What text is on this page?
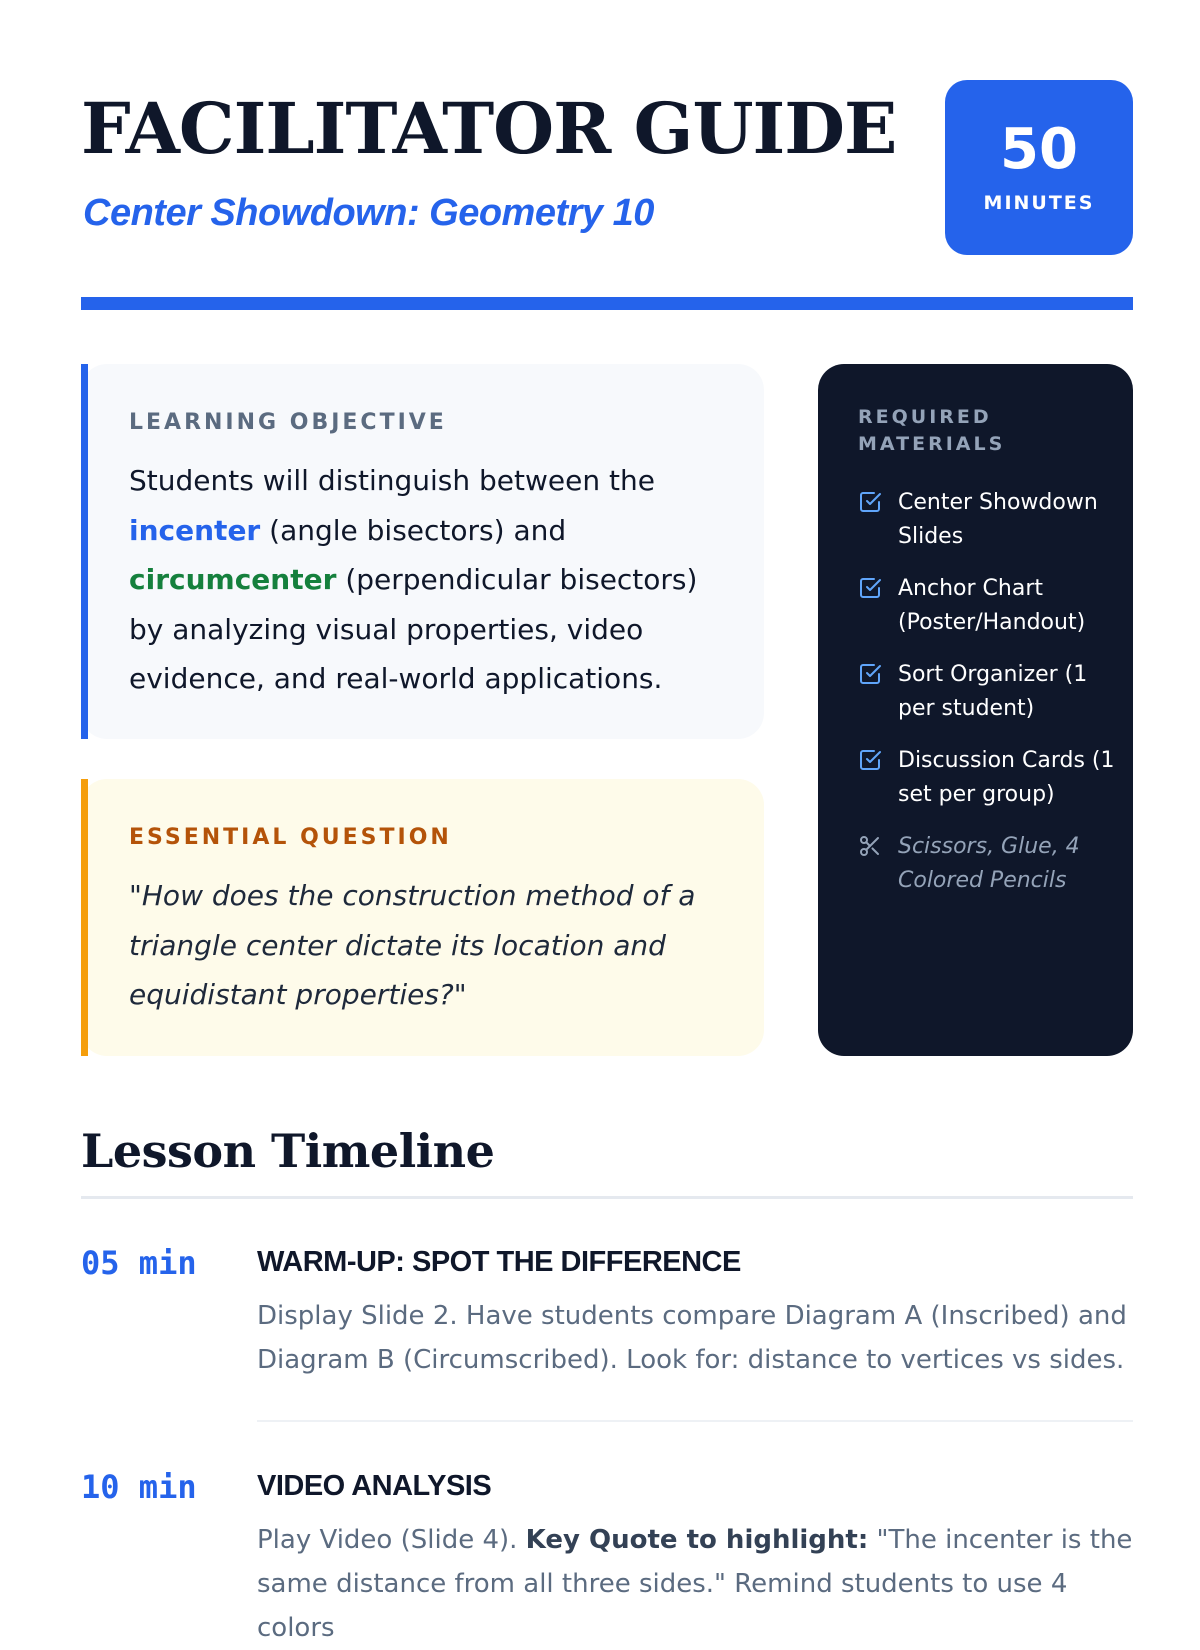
FACILITATOR GUIDE
Center Showdown: Geometry 10
50
MINUTES
LEARNING OBJECTIVE
Students will distinguish between the incenter (angle bisectors) and circumcenter (perpendicular bisectors) by analyzing visual properties, video evidence, and real-world applications.
ESSENTIAL QUESTION
"How does the construction method of a triangle center dictate its location and equidistant properties?"
REQUIRED MATERIALS
Center Showdown Slides
Anchor Chart (Poster/Handout)
Sort Organizer (1 per student)
Discussion Cards (1 set per group)
Scissors, Glue, 4 Colored Pencils
Lesson Timeline
05 min WARM-UP: SPOT THE DIFFERENCE
Display Slide 2. Have students compare Diagram A (Inscribed) and Diagram B (Circumscribed). Look for: distance to vertices vs sides.
10 min VIDEO ANALYSIS
Play Video (Slide 4). Key Quote to highlight: "The incenter is the same distance from all three sides." Remind students to use 4 colors
